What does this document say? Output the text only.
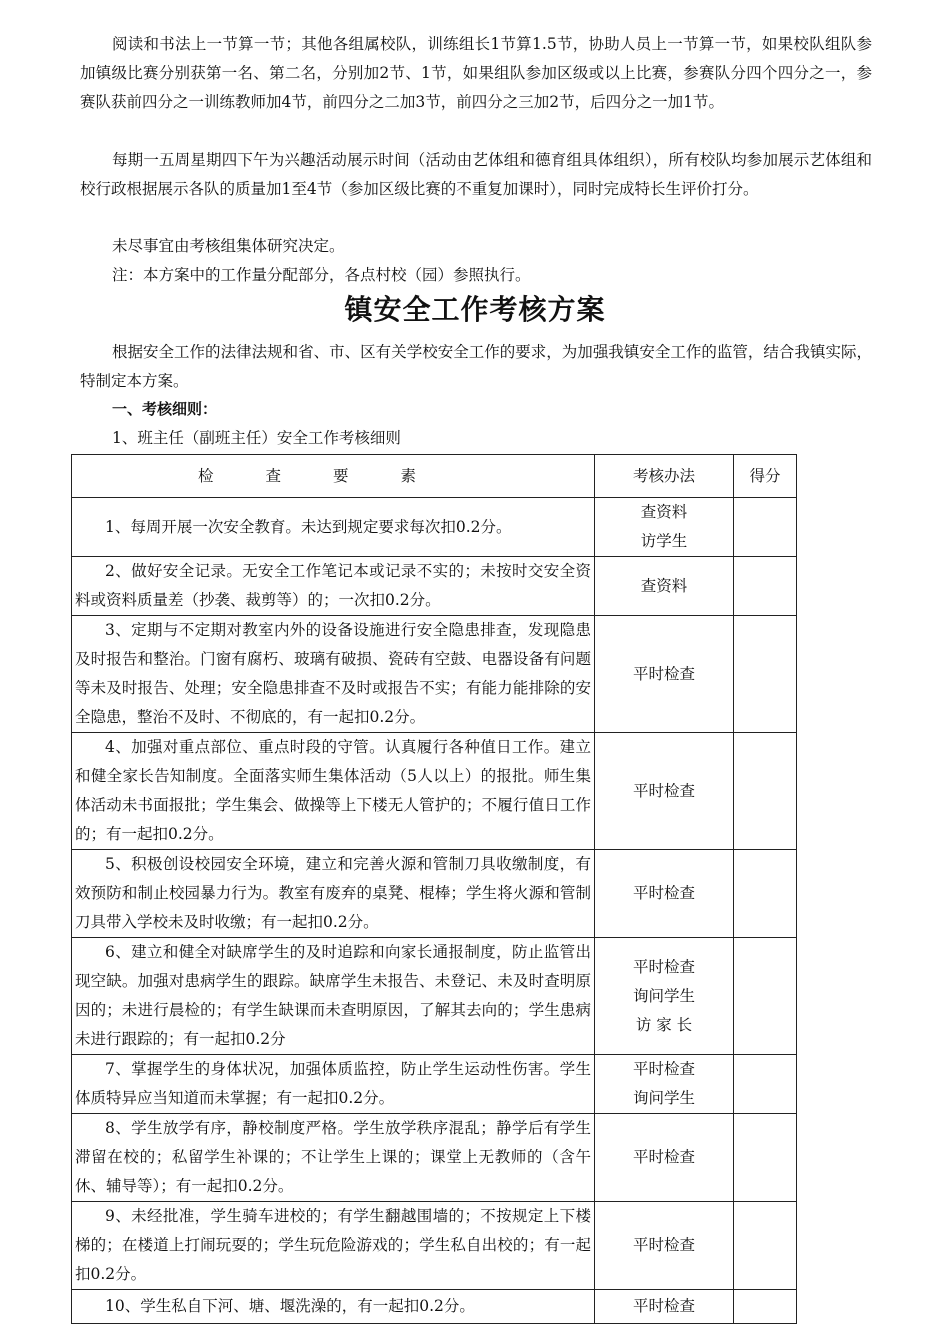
阅读和书法上一节算一节；其他各组属校队，训练组长1节算1.5节，协助人员上一节算一节，如果校队组队参加镇级比赛分别获第一名、第二名，分别加2节、1节，如果组队参加区级或以上比赛，参赛队分四个四分之一，参赛队获前四分之一训练教师加4节，前四分之二加3节，前四分之三加2节，后四分之一加1节。

每期一五周星期四下午为兴趣活动展示时间（活动由艺体组和德育组具体组织），所有校队均参加展示艺体组和校行政根据展示各队的质量加1至4节（参加区级比赛的不重复加课时），同时完成特长生评价打分。

未尽事宜由考核组集体研究决定。

注：本方案中的工作量分配部分，各点村校（园）参照执行。

镇安全工作考核方案

根据安全工作的法律法规和省、市、区有关学校安全工作的要求，为加强我镇安全工作的监管，结合我镇实际，特制定本方案。

一、考核细则：

1、班主任（副班主任）安全工作考核细则

检查要素	考核办法	得分
1、每周开展一次安全教育。未达到规定要求每次扣0.2分。	查资料
访学生	
2、做好安全记录。无安全工作笔记本或记录不实的；未按时交安全资料或资料质量差（抄袭、裁剪等）的；一次扣0.2分。	查资料	
3、定期与不定期对教室内外的设备设施进行安全隐患排查，发现隐患及时报告和整治。门窗有腐朽、玻璃有破损、瓷砖有空鼓、电器设备有问题等未及时报告、处理；安全隐患排查不及时或报告不实；有能力能排除的安全隐患，整治不及时、不彻底的，有一起扣0.2分。	平时检查	
4、加强对重点部位、重点时段的守管。认真履行各种值日工作。建立和健全家长告知制度。全面落实师生集体活动（5人以上）的报批。师生集体活动未书面报批；学生集会、做操等上下楼无人管护的；不履行值日工作的；有一起扣0.2分。	平时检查	
5、积极创设校园安全环境，建立和完善火源和管制刀具收缴制度，有效预防和制止校园暴力行为。教室有废弃的桌凳、棍棒；学生将火源和管制刀具带入学校未及时收缴；有一起扣0.2分。	平时检查	
6、建立和健全对缺席学生的及时追踪和向家长通报制度，防止监管出现空缺。加强对患病学生的跟踪。缺席学生未报告、未登记、未及时查明原因的；未进行晨检的；有学生缺课而未查明原因，了解其去向的；学生患病未进行跟踪的；有一起扣0.2分	平时检查
询问学生
访 家 长	
7、掌握学生的身体状况，加强体质监控，防止学生运动性伤害。学生体质特异应当知道而未掌握；有一起扣0.2分。	平时检查
询问学生	
8、学生放学有序，静校制度严格。学生放学秩序混乱；静学后有学生滞留在校的；私留学生补课的；不让学生上课的；课堂上无教师的（含午休、辅导等）；有一起扣0.2分。	平时检查	
9、未经批准，学生骑车进校的；有学生翻越围墙的；不按规定上下楼梯的；在楼道上打闹玩耍的；学生玩危险游戏的；学生私自出校的；有一起扣0.2分。	平时检查	
10、学生私自下河、塘、堰洗澡的，有一起扣0.2分。	平时检查	
